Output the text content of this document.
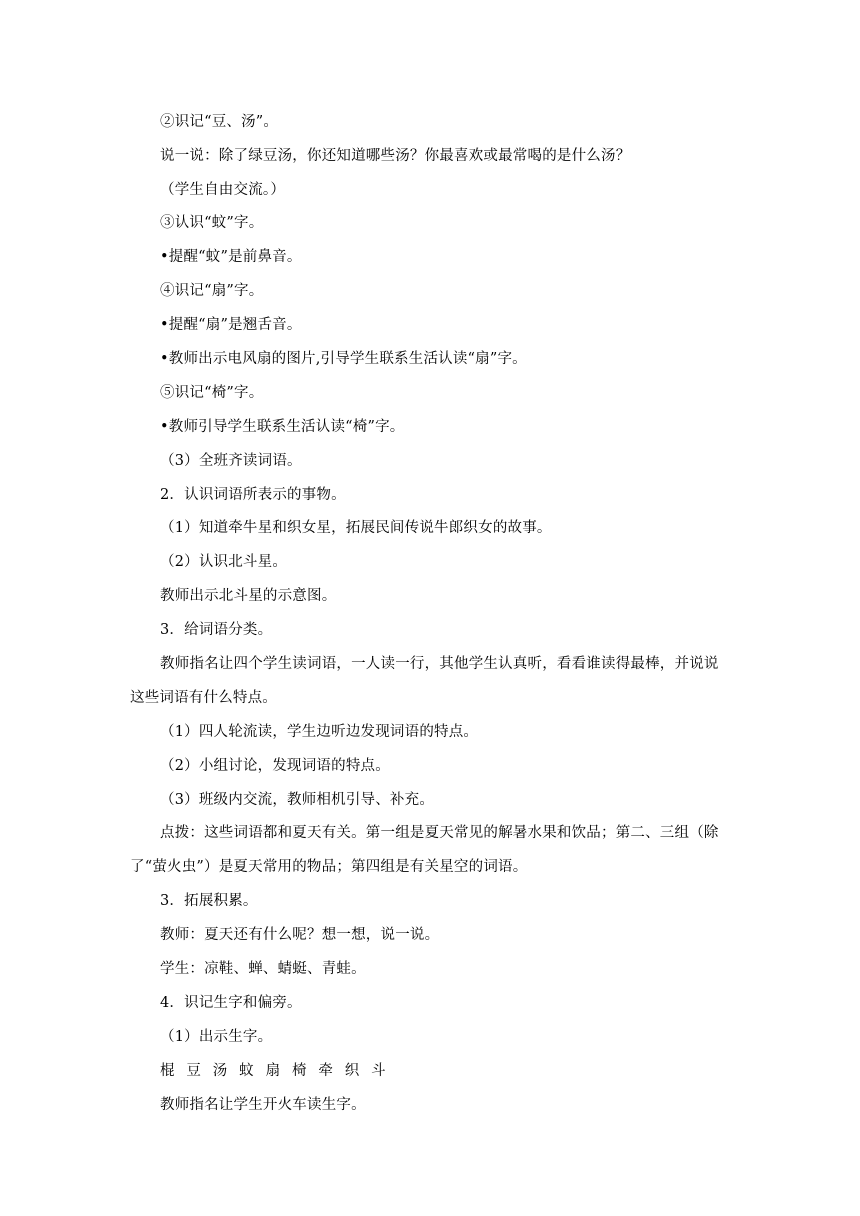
②识记“豆、汤”。
说一说：除了绿豆汤，你还知道哪些汤？你最喜欢或最常喝的是什么汤？
（学生自由交流。）
③认识“蚊”字。
•提醒“蚊”是前鼻音。
④识记“扇”字。
•提醒“扇”是翘舌音。
•教师出示电风扇的图片,引导学生联系生活认读“扇”字。
⑤识记“椅”字。
•教师引导学生联系生活认读“椅”字。
（3）全班齐读词语。
2．认识词语所表示的事物。
（1）知道牵牛星和织女星，拓展民间传说牛郎织女的故事。
（2）认识北斗星。
教师出示北斗星的示意图。
3．给词语分类。
教师指名让四个学生读词语，一人读一行，其他学生认真听，看看谁读得最棒，并说说
这些词语有什么特点。
（1）四人轮流读，学生边听边发现词语的特点。
（2）小组讨论，发现词语的特点。
（3）班级内交流，教师相机引导、补充。
点拨：这些词语都和夏天有关。第一组是夏天常见的解暑水果和饮品；第二、三组（除
了“萤火虫”）是夏天常用的物品；第四组是有关星空的词语。
3．拓展积累。
教师：夏天还有什么呢？想一想，说一说。
学生：凉鞋、蝉、蜻蜓、青蛙。
4．识记生字和偏旁。
（1）出示生字。
棍 豆 汤 蚊 扇 椅 牵 织 斗
教师指名让学生开火车读生字。
